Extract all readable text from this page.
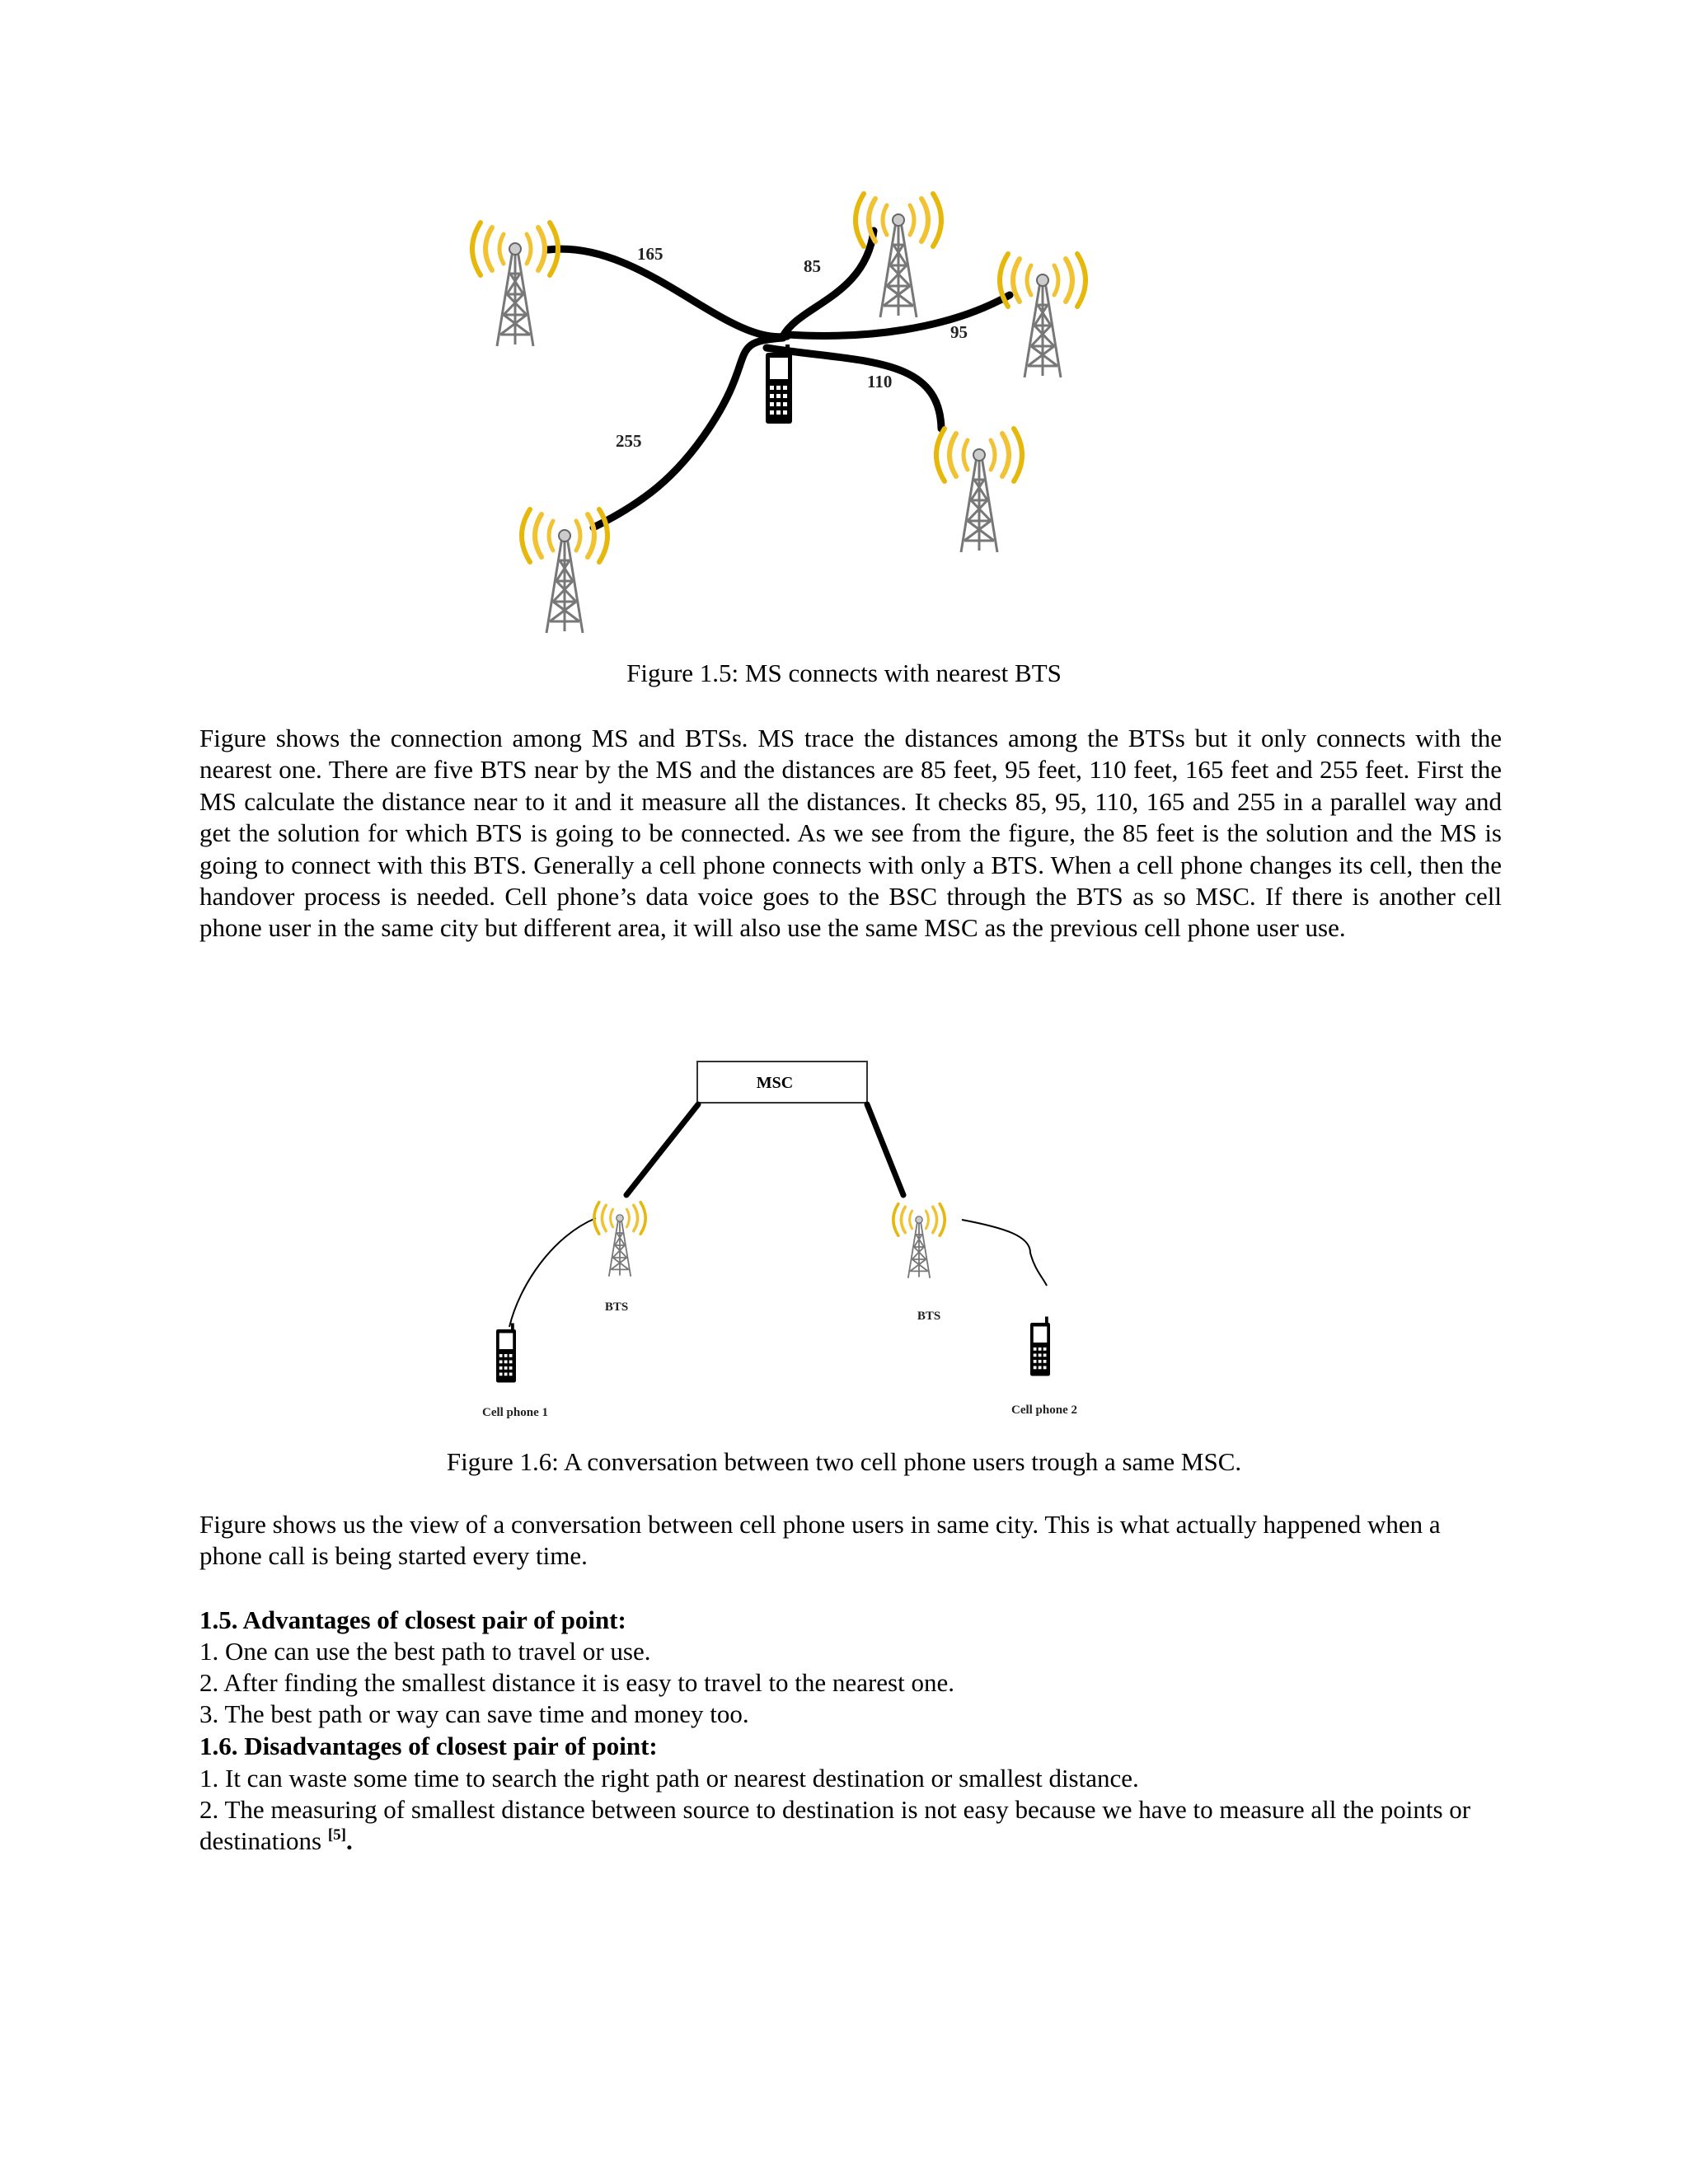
165
85
95
110
255
Figure 1.5: MS connects with nearest BTS

Figure shows the connection among MS and BTSs. MS trace the distances among the BTSs but it only connects with the nearest one. There are five BTS near by the MS and the distances are 85 feet, 95 feet, 110 feet, 165 feet and 255 feet. First the MS calculate the distance near to it and it measure all the distances. It checks 85, 95, 110, 165 and 255 in a parallel way and get the solution for which BTS is going to be connected. As we see from the figure, the 85 feet is the solution and the MS is going to connect with this BTS. Generally a cell phone connects with only a BTS. When a cell phone changes its cell, then the handover process is needed. Cell phone’s data voice goes to the BSC through the BTS as so MSC. If there is another cell phone user in the same city but different area, it will also use the same MSC as the previous cell phone user use.

MSC
BTS
BTS
Cell phone 1	Cell phone 2
Figure 1.6: A conversation between two cell phone users trough a same MSC.

Figure shows us the view of a conversation between cell phone users in same city. This is what actually happened when a phone call is being started every time.

1.5. Advantages of closest pair of point:
1. One can use the best path to travel or use.
2. After finding the smallest distance it is easy to travel to the nearest one.
3. The best path or way can save time and money too.
1.6. Disadvantages of closest pair of point:
1. It can waste some time to search the right path or nearest destination or smallest distance.

2. The measuring of smallest distance between source to destination is not easy because we have to measure all the points or destinations [5].
